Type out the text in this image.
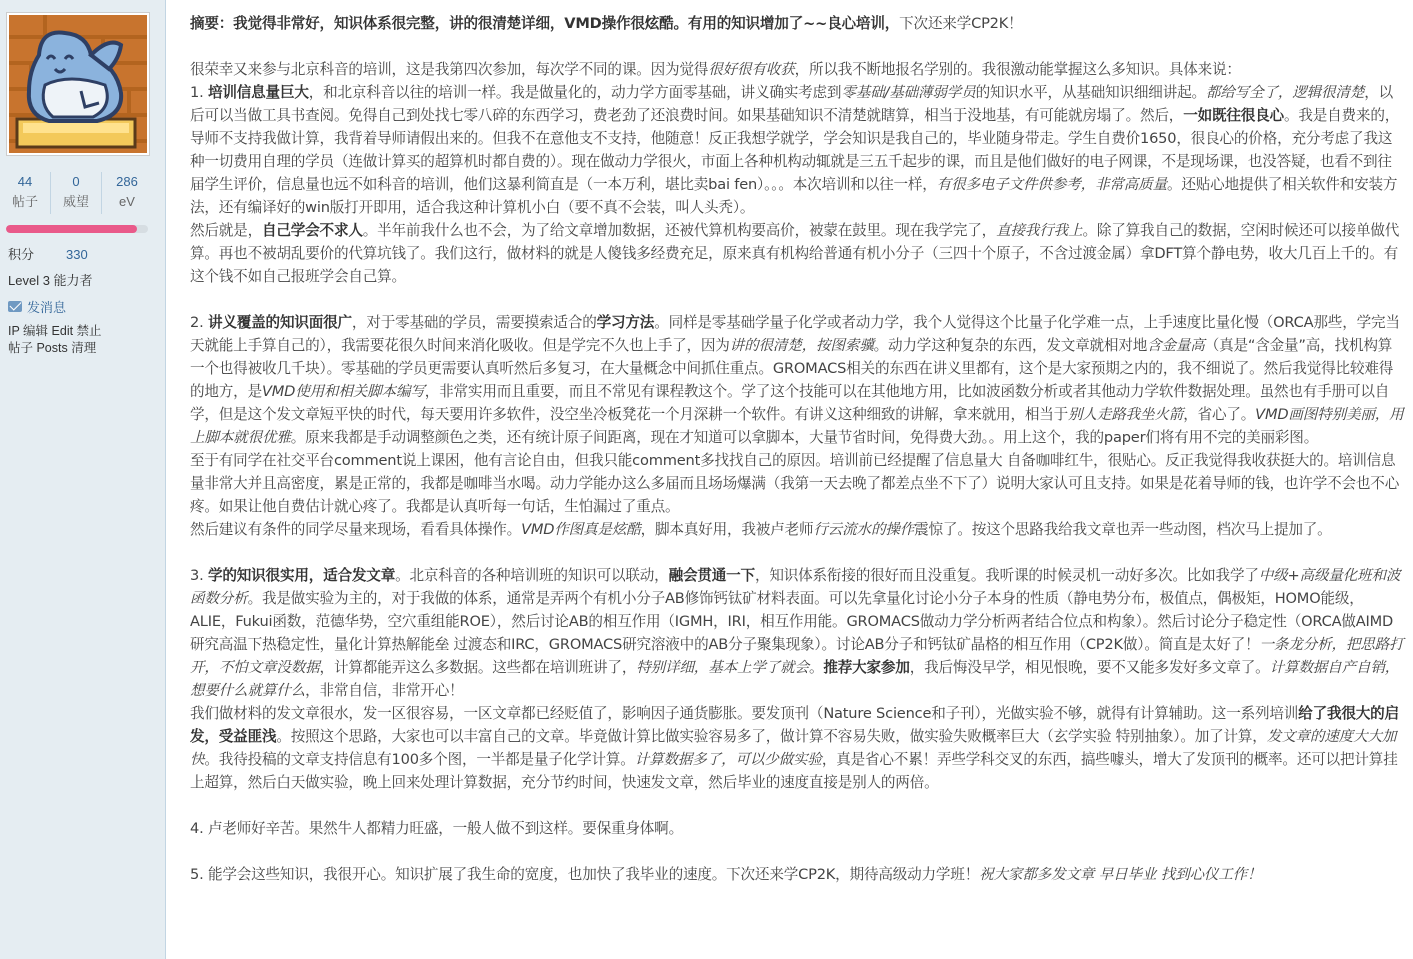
44
帖子
0
威望
286
eV
积分 330
Level 3 能力者
发消息
IP 编辑 Edit 禁止
帖子 Posts 清理

摘要：我觉得非常好，知识体系很完整，讲的很清楚详细，VMD操作很炫酷。有用的知识增加了~~良心培训，下次还来学CP2K！

很荣幸又来参与北京科音的培训，这是我第四次参加，每次学不同的课。因为觉得很好很有收获，所以我不断地报名学别的。我很激动能掌握这么多知识。具体来说：

1. 培训信息量巨大，和北京科音以往的培训一样。我是做量化的，动力学方面零基础，讲义确实考虑到零基础/基础薄弱学员的知识水平，从基础知识细细讲起。都给写全了，逻辑很清楚，以后可以当做工具书查阅。免得自己到处找七零八碎的东西学习，费老劲了还浪费时间。如果基础知识不清楚就瞎算，相当于没地基，有可能就房塌了。然后，一如既往很良心。我是自费来的，导师不支持我做计算，我背着导师请假出来的。但我不在意他支不支持，他随意！反正我想学就学，学会知识是我自己的，毕业随身带走。学生自费价1650，很良心的价格，充分考虑了我这种一切费用自理的学员（连做计算买的超算机时都自费的）。现在做动力学很火，市面上各种机构动辄就是三五千起步的课，而且是他们做好的电子网课，不是现场课，也没答疑，也看不到往届学生评价，信息量也远不如科音的培训，他们这暴利简直是（一本万利，堪比卖bai fen）。。。本次培训和以往一样，有很多电子文件供参考，非常高质量。还贴心地提供了相关软件和安装方法，还有编译好的win版打开即用，适合我这种计算机小白（要不真不会装，叫人头秃）。

然后就是，自己学会不求人。半年前我什么也不会，为了给文章增加数据，还被代算机构要高价，被蒙在鼓里。现在我学完了，直接我行我上。除了算我自己的数据，空闲时候还可以接单做代算。再也不被胡乱要价的代算坑钱了。我们这行，做材料的就是人傻钱多经费充足，原来真有机构给普通有机小分子（三四十个原子，不含过渡金属）拿DFT算个静电势，收大几百上千的。有这个钱不如自己报班学会自己算。

2. 讲义覆盖的知识面很广，对于零基础的学员，需要摸索适合的学习方法。同样是零基础学量子化学或者动力学，我个人觉得这个比量子化学难一点，上手速度比量化慢（ORCA那些，学完当天就能上手算自己的），我需要花很久时间来消化吸收。但是学完不久也上手了，因为讲的很清楚，按图索骥。动力学这种复杂的东西，发文章就相对地含金量高（真是“含金量”高，找机构算一个也得被收几千块）。零基础的学员更需要认真听然后多复习，在大量概念中间抓住重点。GROMACS相关的东西在讲义里都有，这个是大家预期之内的，我不细说了。然后我觉得比较难得的地方，是VMD使用和相关脚本编写，非常实用而且重要，而且不常见有课程教这个。学了这个技能可以在其他地方用，比如波函数分析或者其他动力学软件数据处理。虽然也有手册可以自学，但是这个发文章短平快的时代，每天要用许多软件，没空坐冷板凳花一个月深耕一个软件。有讲义这种细致的讲解，拿来就用，相当于别人走路我坐火箭，省心了。VMD画图特别美丽，用上脚本就很优雅。原来我都是手动调整颜色之类，还有统计原子间距离，现在才知道可以拿脚本，大量节省时间，免得费大劲。。用上这个，我的paper们将有用不完的美丽彩图。

至于有同学在社交平台comment说上课困，他有言论自由，但我只能comment多找找自己的原因。培训前已经提醒了信息量大 自备咖啡红牛，很贴心。反正我觉得我收获挺大的。培训信息量非常大并且高密度，累是正常的，我都是咖啡当水喝。动力学能办这么多届而且场场爆满（我第一天去晚了都差点坐不下了）说明大家认可且支持。如果是花着导师的钱，也许学不会也不心疼。如果让他自费估计就心疼了。我都是认真听每一句话，生怕漏过了重点。

然后建议有条件的同学尽量来现场，看看具体操作。VMD作图真是炫酷，脚本真好用，我被卢老师行云流水的操作震惊了。按这个思路我给我文章也弄一些动图，档次马上提加了。

3. 学的知识很实用，适合发文章。北京科音的各种培训班的知识可以联动，融会贯通一下，知识体系衔接的很好而且没重复。我听课的时候灵机一动好多次。比如我学了中级+高级量化班和波函数分析。我是做实验为主的，对于我做的体系，通常是弄两个有机小分子AB修饰钙钛矿材料表面。可以先拿量化讨论小分子本身的性质（静电势分布，极值点，偶极矩，HOMO能级，ALIE，Fukui函数，范德华势，空穴重组能ROE），然后讨论AB的相互作用（IGMH，IRI，相互作用能。GROMACS做动力学分析两者结合位点和构象）。然后讨论分子稳定性（ORCA做AIMD研究高温下热稳定性，量化计算热解能垒 过渡态和IRC，GROMACS研究溶液中的AB分子聚集现象）。讨论AB分子和钙钛矿晶格的相互作用（CP2K做）。简直是太好了！一条龙分析，把思路打开，不怕文章没数据，计算都能弄这么多数据。这些都在培训班讲了，特别详细，基本上学了就会。推荐大家参加，我后悔没早学，相见恨晚，要不又能多发好多文章了。计算数据自产自销，想要什么就算什么，非常自信，非常开心！

我们做材料的发文章很水，发一区很容易，一区文章都已经贬值了，影响因子通货膨胀。要发顶刊（Nature Science和子刊），光做实验不够，就得有计算辅助。这一系列培训给了我很大的启发，受益匪浅。按照这个思路，大家也可以丰富自己的文章。毕竟做计算比做实验容易多了，做计算不容易失败，做实验失败概率巨大（玄学实验 特别抽象）。加了计算，发文章的速度大大加快。我待投稿的文章支持信息有100多个图，一半都是量子化学计算。计算数据多了，可以少做实验，真是省心不累！弄些学科交叉的东西，搞些噱头，增大了发顶刊的概率。还可以把计算挂上超算，然后白天做实验，晚上回来处理计算数据，充分节约时间，快速发文章，然后毕业的速度直接是别人的两倍。

4. 卢老师好辛苦。果然牛人都精力旺盛，一般人做不到这样。要保重身体啊。

5. 能学会这些知识，我很开心。知识扩展了我生命的宽度，也加快了我毕业的速度。下次还来学CP2K，期待高级动力学班！祝大家都多发文章 早日毕业 找到心仪工作！
